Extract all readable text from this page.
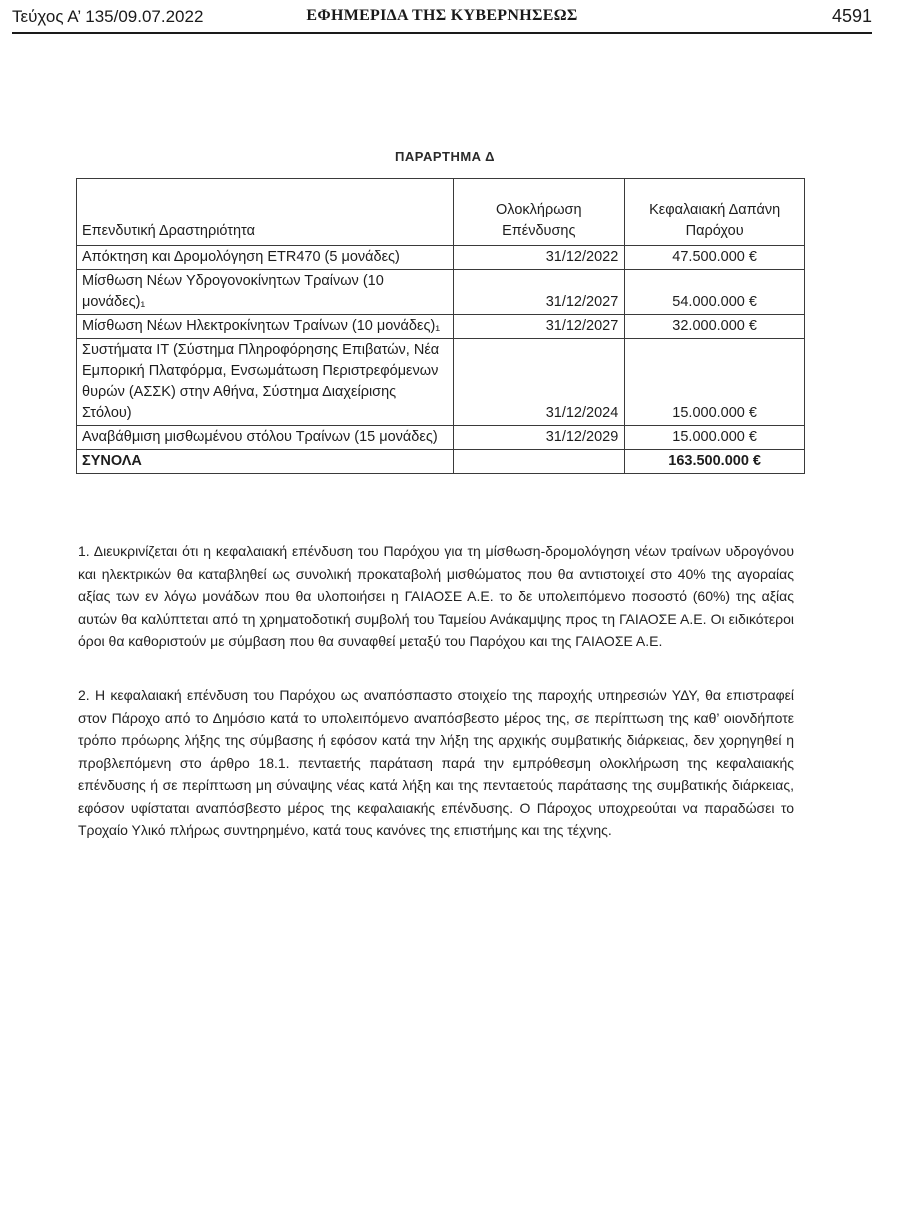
Τεύχος Α’ 135/09.07.2022	ΕΦΗΜΕΡΙΔΑ ΤΗΣ ΚΥΒΕΡΝΗΣΕΩΣ	4591
ΠΑΡΑΡΤΗΜΑ Δ
Επενδυτική Δραστηριότητα	Ολοκλήρωση Επένδυσης	Κεφαλαιακή Δαπάνη Παρόχου
Απόκτηση και Δρομολόγηση ETR470 (5 μονάδες)	31/12/2022	47.500.000 €
Μίσθωση Νέων Υδρογονοκίνητων Τραίνων (10 μονάδες)₁	31/12/2027	54.000.000 €
Μίσθωση Νέων Ηλεκτροκίνητων Τραίνων (10 μονάδες)₁	31/12/2027	32.000.000 €
Συστήματα IT (Σύστημα Πληροφόρησης Επιβατών, Νέα Εμπορική Πλατφόρμα, Ενσωμάτωση Περιστρεφόμενων θυρών (ΑΣΣΚ) στην Αθήνα, Σύστημα Διαχείρισης Στόλου)	31/12/2024	15.000.000 €
Αναβάθμιση μισθωμένου στόλου Τραίνων (15 μονάδες)	31/12/2029	15.000.000 €
ΣΥΝΟΛΑ		163.500.000 €
1. Διευκρινίζεται ότι η κεφαλαιακή επένδυση του Παρόχου για τη μίσθωση-δρομολόγηση νέων τραίνων υδρογόνου και ηλεκτρικών θα καταβληθεί ως συνολική προκαταβολή μισθώματος που θα αντιστοιχεί στο 40% της αγοραίας αξίας των εν λόγω μονάδων που θα υλοποιήσει η ΓΑΙΑΟΣΕ Α.Ε. το δε υπολειπόμενο ποσοστό (60%) της αξίας αυτών θα καλύπτεται από τη χρηματοδοτική συμβολή του Ταμείου Ανάκαμψης προς τη ΓΑΙΑΟΣΕ Α.Ε. Οι ειδικότεροι όροι θα καθοριστούν με σύμβαση που θα συναφθεί μεταξύ του Παρόχου και της ΓΑΙΑΟΣΕ Α.Ε.
2. Η κεφαλαιακή επένδυση του Παρόχου ως αναπόσπαστο στοιχείο της παροχής υπηρεσιών ΥΔΥ, θα επιστραφεί στον Πάροχο από το Δημόσιο κατά το υπολειπόμενο αναπόσβεστο μέρος της, σε περίπτωση της καθ’ οιονδήποτε τρόπο πρόωρης λήξης της σύμβασης ή εφόσον κατά την λήξη της αρχικής συμβατικής διάρκειας, δεν χορηγηθεί η προβλεπόμενη στο άρθρο 18.1. πενταετής παράταση παρά την εμπρόθεσμη ολοκλήρωση της κεφαλαιακής επένδυσης ή σε περίπτωση μη σύναψης νέας κατά λήξη και της πενταετούς παράτασης της συμβατικής διάρκειας, εφόσον υφίσταται αναπόσβεστο μέρος της κεφαλαιακής επένδυσης. Ο Πάροχος υποχρεούται να παραδώσει το Τροχαίο Υλικό πλήρως συντηρημένο, κατά τους κανόνες της επιστήμης και της τέχνης.
